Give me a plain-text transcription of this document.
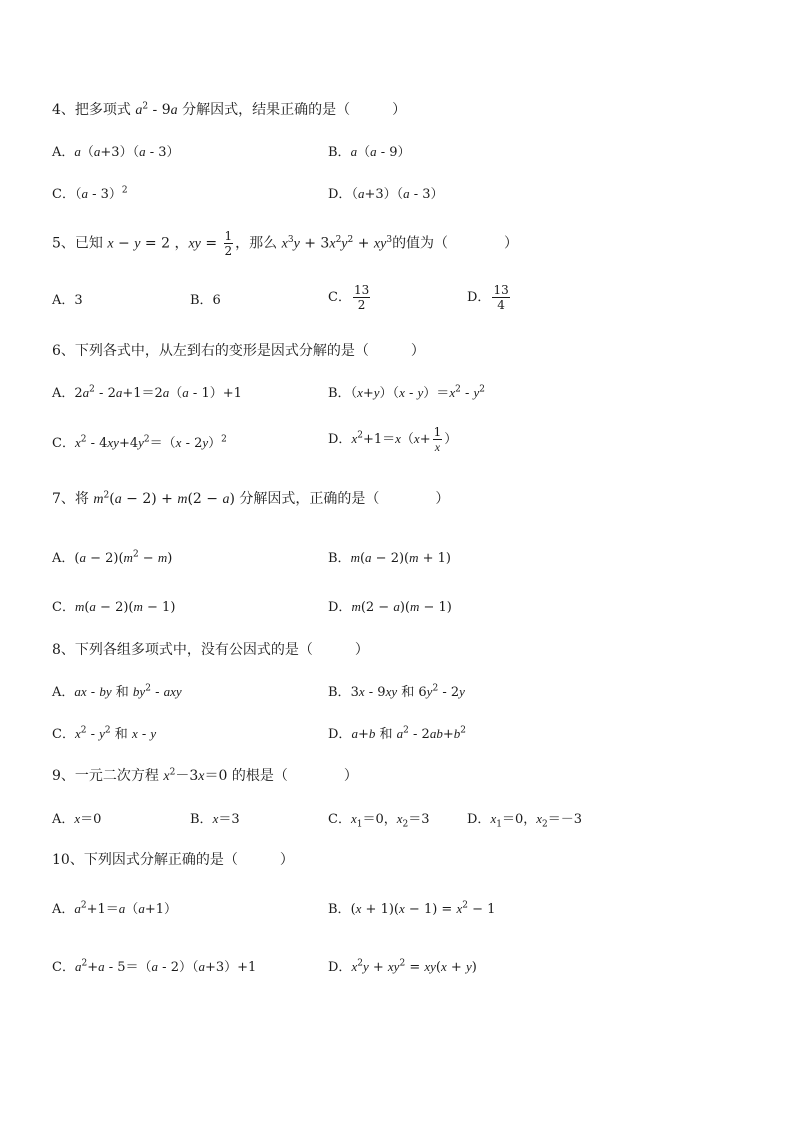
4、把多项式 $a^2 - 9a$ 分解因式，结果正确的是（　　　）
A．a（a+3）（a - 3）	B．a（a - 9）
C．（a - 3）$^2$	D．（a+3）（a - 3）
5、已知 x − y = 2 ，xy = $\frac{1}{2}$ ，那么 $x^3y + 3x^2y^2 + xy^3$的值为（　　　　）
A．3	B．6	C． $\frac{13}{2}$	D． $\frac{13}{4}$
6、下列各式中，从左到右的变形是因式分解的是（　　　）
A．$2a^2 - 2a+1=2a(a - 1)+1$	B．$(x+y)(x - y)=x^2 - y^2$
C．$x^2 - 4xy+4y^2=(x - 2y)^2$	D．$x^2+1=x(x+ \frac{1}{x}$ ）
7、将 $m^2(a - 2) + m(2 - a)$ 分解因式，正确的是（　　　　）
A．$(a - 2)(m^2 - m)$	B．m(a − 2)(m + 1)
C．m(a − 2)(m − 1)	D．m(2 − a)(m − 1)
8、下列各组多项式中，没有公因式的是（　　　）
A．ax - by 和 $by^2$ - axy	B．3x - 9xy 和 $6y^2 - 2y$
C．$x^2 - y^2$ 和 x - y	D．a+b 和 $a^2 - 2ab+b^2$
9、一元二次方程 $x^2-3x=0$ 的根是（　　　　）
A．x＝0	B．x＝3	C．$x_1=0$，$x_2=3$	D．$x_1=0$，$x_2=-3$
10、下列因式分解正确的是（　　　）
A．$a^2+1=a(a+1)$	B．$(x + 1)(x - 1) = x^2 - 1$
C．$a^2+a - 5=(a - 2)(a+3)+1$	D．$x^2y + xy^2 = xy(x + y)$
